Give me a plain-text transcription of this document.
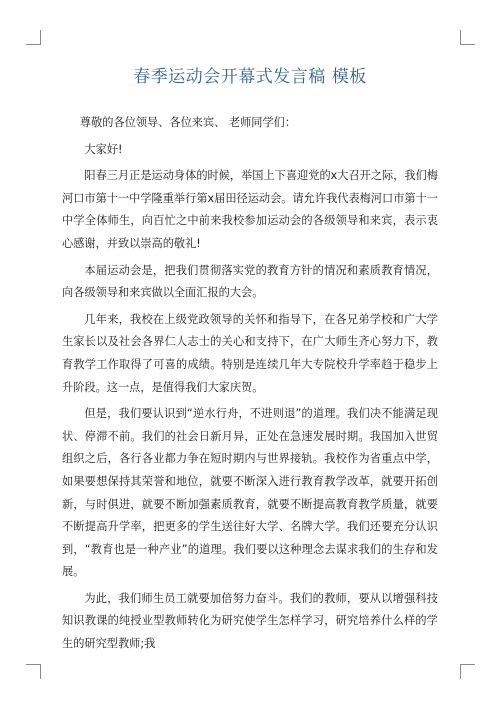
春季运动会开幕式发言稿 模板

尊敬的各位领导、各位来宾、 老师同学们：

大家好!

阳春三月正是运动身体的时候，举国上下喜迎党的x大召开之际，我们梅河口市第十一中学隆重举行第x届田径运动会。请允许我代表梅河口市第十一中学全体师生，向百忙之中前来我校参加运动会的各级领导和来宾，表示衷心感谢，并致以崇高的敬礼!

本届运动会是，把我们贯彻落实党的教育方针的情况和素质教育情况，向各级领导和来宾做以全面汇报的大会。

几年来，我校在上级党政领导的关怀和指导下，在各兄弟学校和广大学生家长以及社会各界仁人志士的关心和支持下，在广大师生齐心努力下，教育教学工作取得了可喜的成绩。特别是连续几年大专院校升学率趋于稳步上升阶段。这一点，是值得我们大家庆贺。

但是，我们要认识到“逆水行舟，不进则退”的道理。我们决不能满足现状、停滞不前。我们的社会日新月异，正处在急速发展时期。我国加入世贸组织之后，各行各业都力争在短时期内与世界接轨。我校作为省重点中学，如果要想保持其荣誉和地位，就要不断深入进行教育教学改革，就要开拓创新，与时俱进，就要不断加强素质教育，就要不断提高教育教学质量，就要不断提高升学率，把更多的学生送往好大学、名牌大学。我们还要充分认识到，“教育也是一种产业”的道理。我们要以这种理念去谋求我们的生存和发展。

为此，我们师生员工就要加倍努力奋斗。我们的教师，要从以增强科技知识教课的纯授业型教师转化为研究使学生怎样学习，研究培养什么样的学生的研究型教师;我
